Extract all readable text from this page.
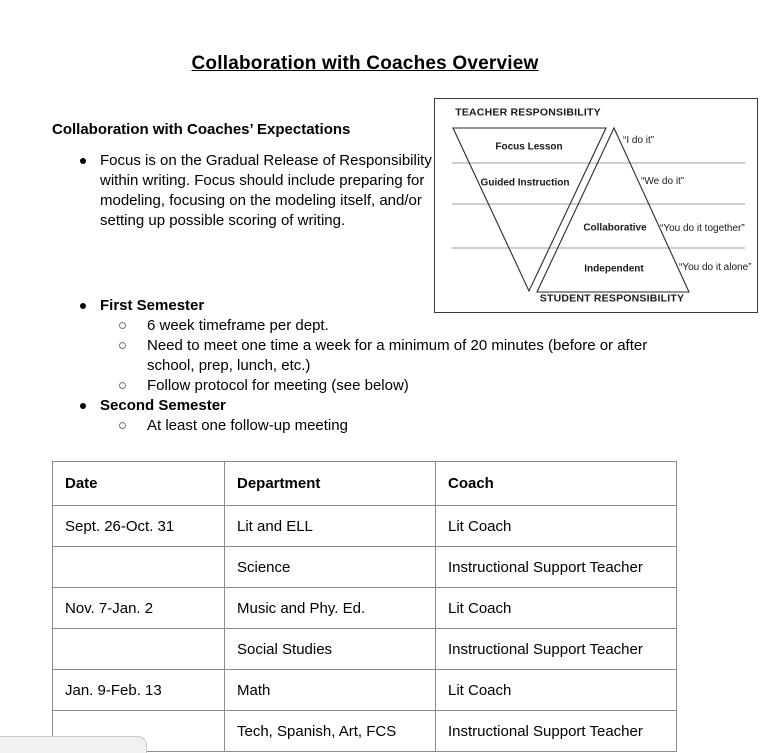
Collaboration with Coaches Overview
Collaboration with Coaches’ Expectations
Focus is on the Gradual Release of Responsibility within writing. Focus should include preparing for modeling, focusing on the modeling itself, and/or setting up possible scoring of writing.
First Semester
6 week timeframe per dept.
Need to meet one time a week for a minimum of 20 minutes (before or after school, prep, lunch, etc.)
Follow protocol for meeting (see below)
Second Semester
At least one follow-up meeting
TEACHER RESPONSIBILITY
Focus Lesson
Guided Instruction
Collaborative
Independent
“I do it”
“We do it”
“You do it together”
“You do it alone”
STUDENT RESPONSIBILITY
Date	Department	Coach
Sept. 26-Oct. 31	Lit and ELL	Lit Coach
	Science	Instructional Support Teacher
Nov. 7-Jan. 2	Music and Phy. Ed.	Lit Coach
	Social Studies	Instructional Support Teacher
Jan. 9-Feb. 13	Math	Lit Coach
	Tech, Spanish, Art, FCS	Instructional Support Teacher
